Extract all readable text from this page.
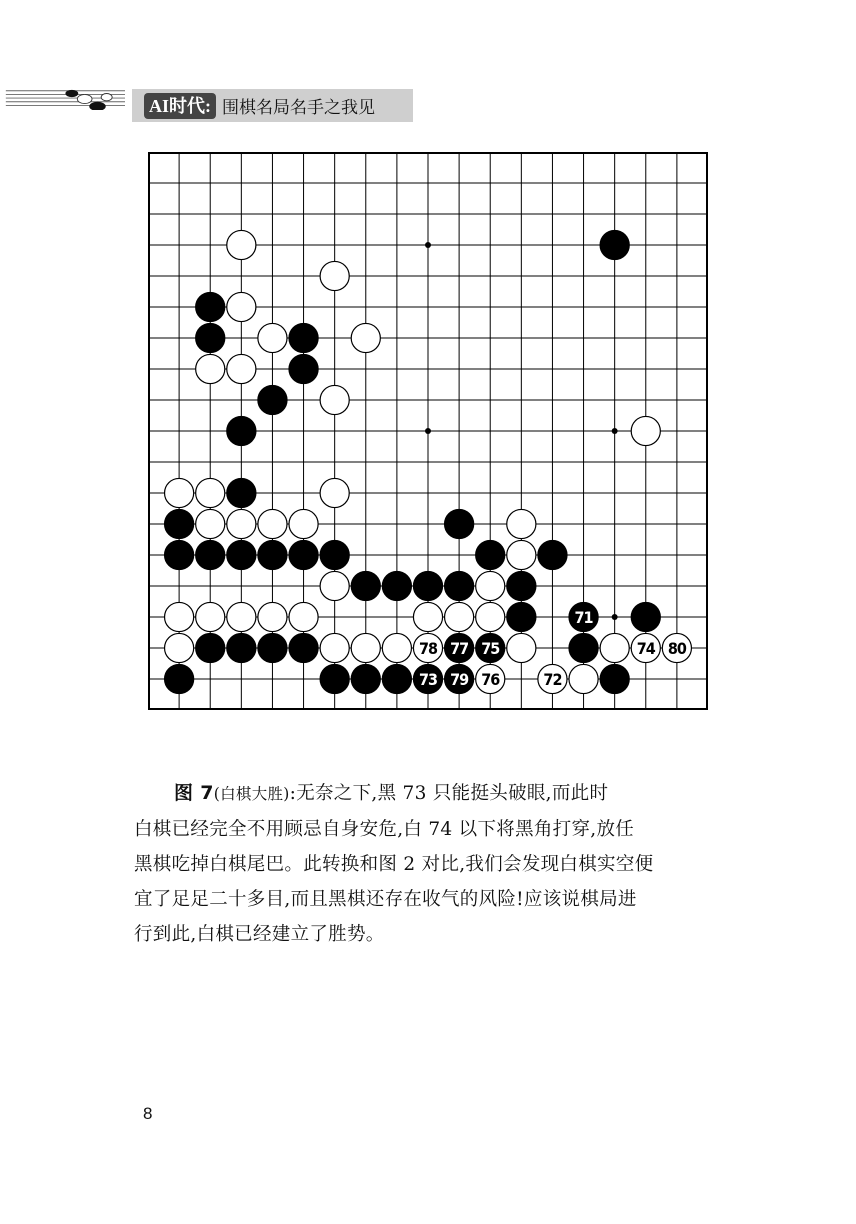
AI时代: 围棋名局名手之我见
71
78 77 75	74 80
73 79 76	72
图 7(白棋大胜):无奈之下,黑 73 只能挺头破眼,而此时
白棋已经完全不用顾忌自身安危,白 74 以下将黑角打穿,放任
黑棋吃掉白棋尾巴。此转换和图 2 对比,我们会发现白棋实空便
宜了足足二十多目,而且黑棋还存在收气的风险!应该说棋局进
行到此,白棋已经建立了胜势。
8
